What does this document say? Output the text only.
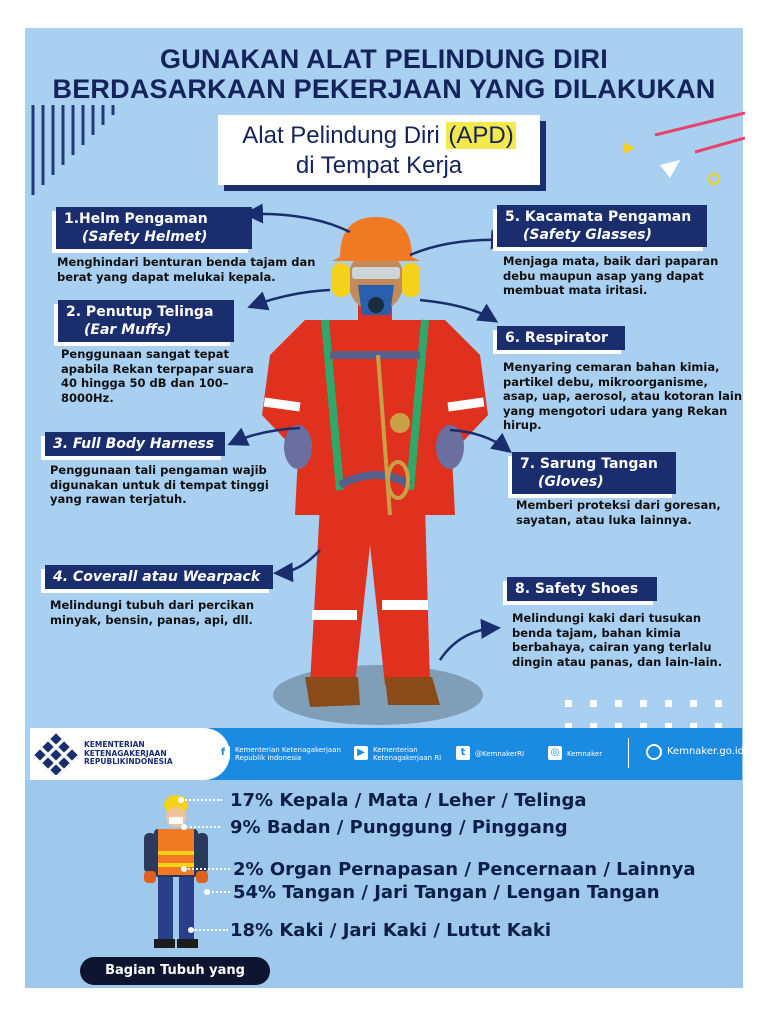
GUNAKAN ALAT PELINDUNG DIRI
BERDASARKAAN PEKERJAAN YANG DILAKUKAN
Alat Pelindung Diri (APD)
di Tempat Kerja
1.Helm Pengaman
(Safety Helmet)
Menghindari benturan benda tajam dan berat yang dapat melukai kepala.
2. Penutup Telinga
(Ear Muffs)
Penggunaan sangat tepat apabila Rekan terpapar suara 40 hingga 50 dB dan 100–8000Hz.
3. Full Body Harness
Penggunaan tali pengaman wajib digunakan untuk di tempat tinggi yang rawan terjatuh.
4. Coverall atau Wearpack
Melindungi tubuh dari percikan minyak, bensin, panas, api, dll.
5. Kacamata Pengaman
(Safety Glasses)
Menjaga mata, baik dari paparan debu maupun asap yang dapat membuat mata iritasi.
6. Respirator
Menyaring cemaran bahan kimia, partikel debu, mikroorganisme, asap, uap, aerosol, atau kotoran lain yang mengotori udara yang Rekan hirup.
7. Sarung Tangan
(Gloves)
Memberi proteksi dari goresan, sayatan, atau luka lainnya.
8. Safety Shoes
Melindungi kaki dari tusukan benda tajam, bahan kimia berbahaya, cairan yang terlalu dingin atau panas, dan lain-lain.
KEMENTERIAN
KETENAGAKERJAAN
REPUBLIKINDONESIA
f	Kementerian Ketenagakerjaan
Republik Indonesia	▶	Kementerian
Ketenagakerjaan RI	t	@KemnakerRI	◎	Kemnaker	Kemnaker.go.id
17% Kepala / Mata / Leher / Telinga
9% Badan / Punggung / Pinggang
2% Organ Pernapasan / Pencernaan / Lainnya
54% Tangan / Jari Tangan / Lengan Tangan
18% Kaki / Jari Kaki / Lutut Kaki
Bagian Tubuh yang Cedera
